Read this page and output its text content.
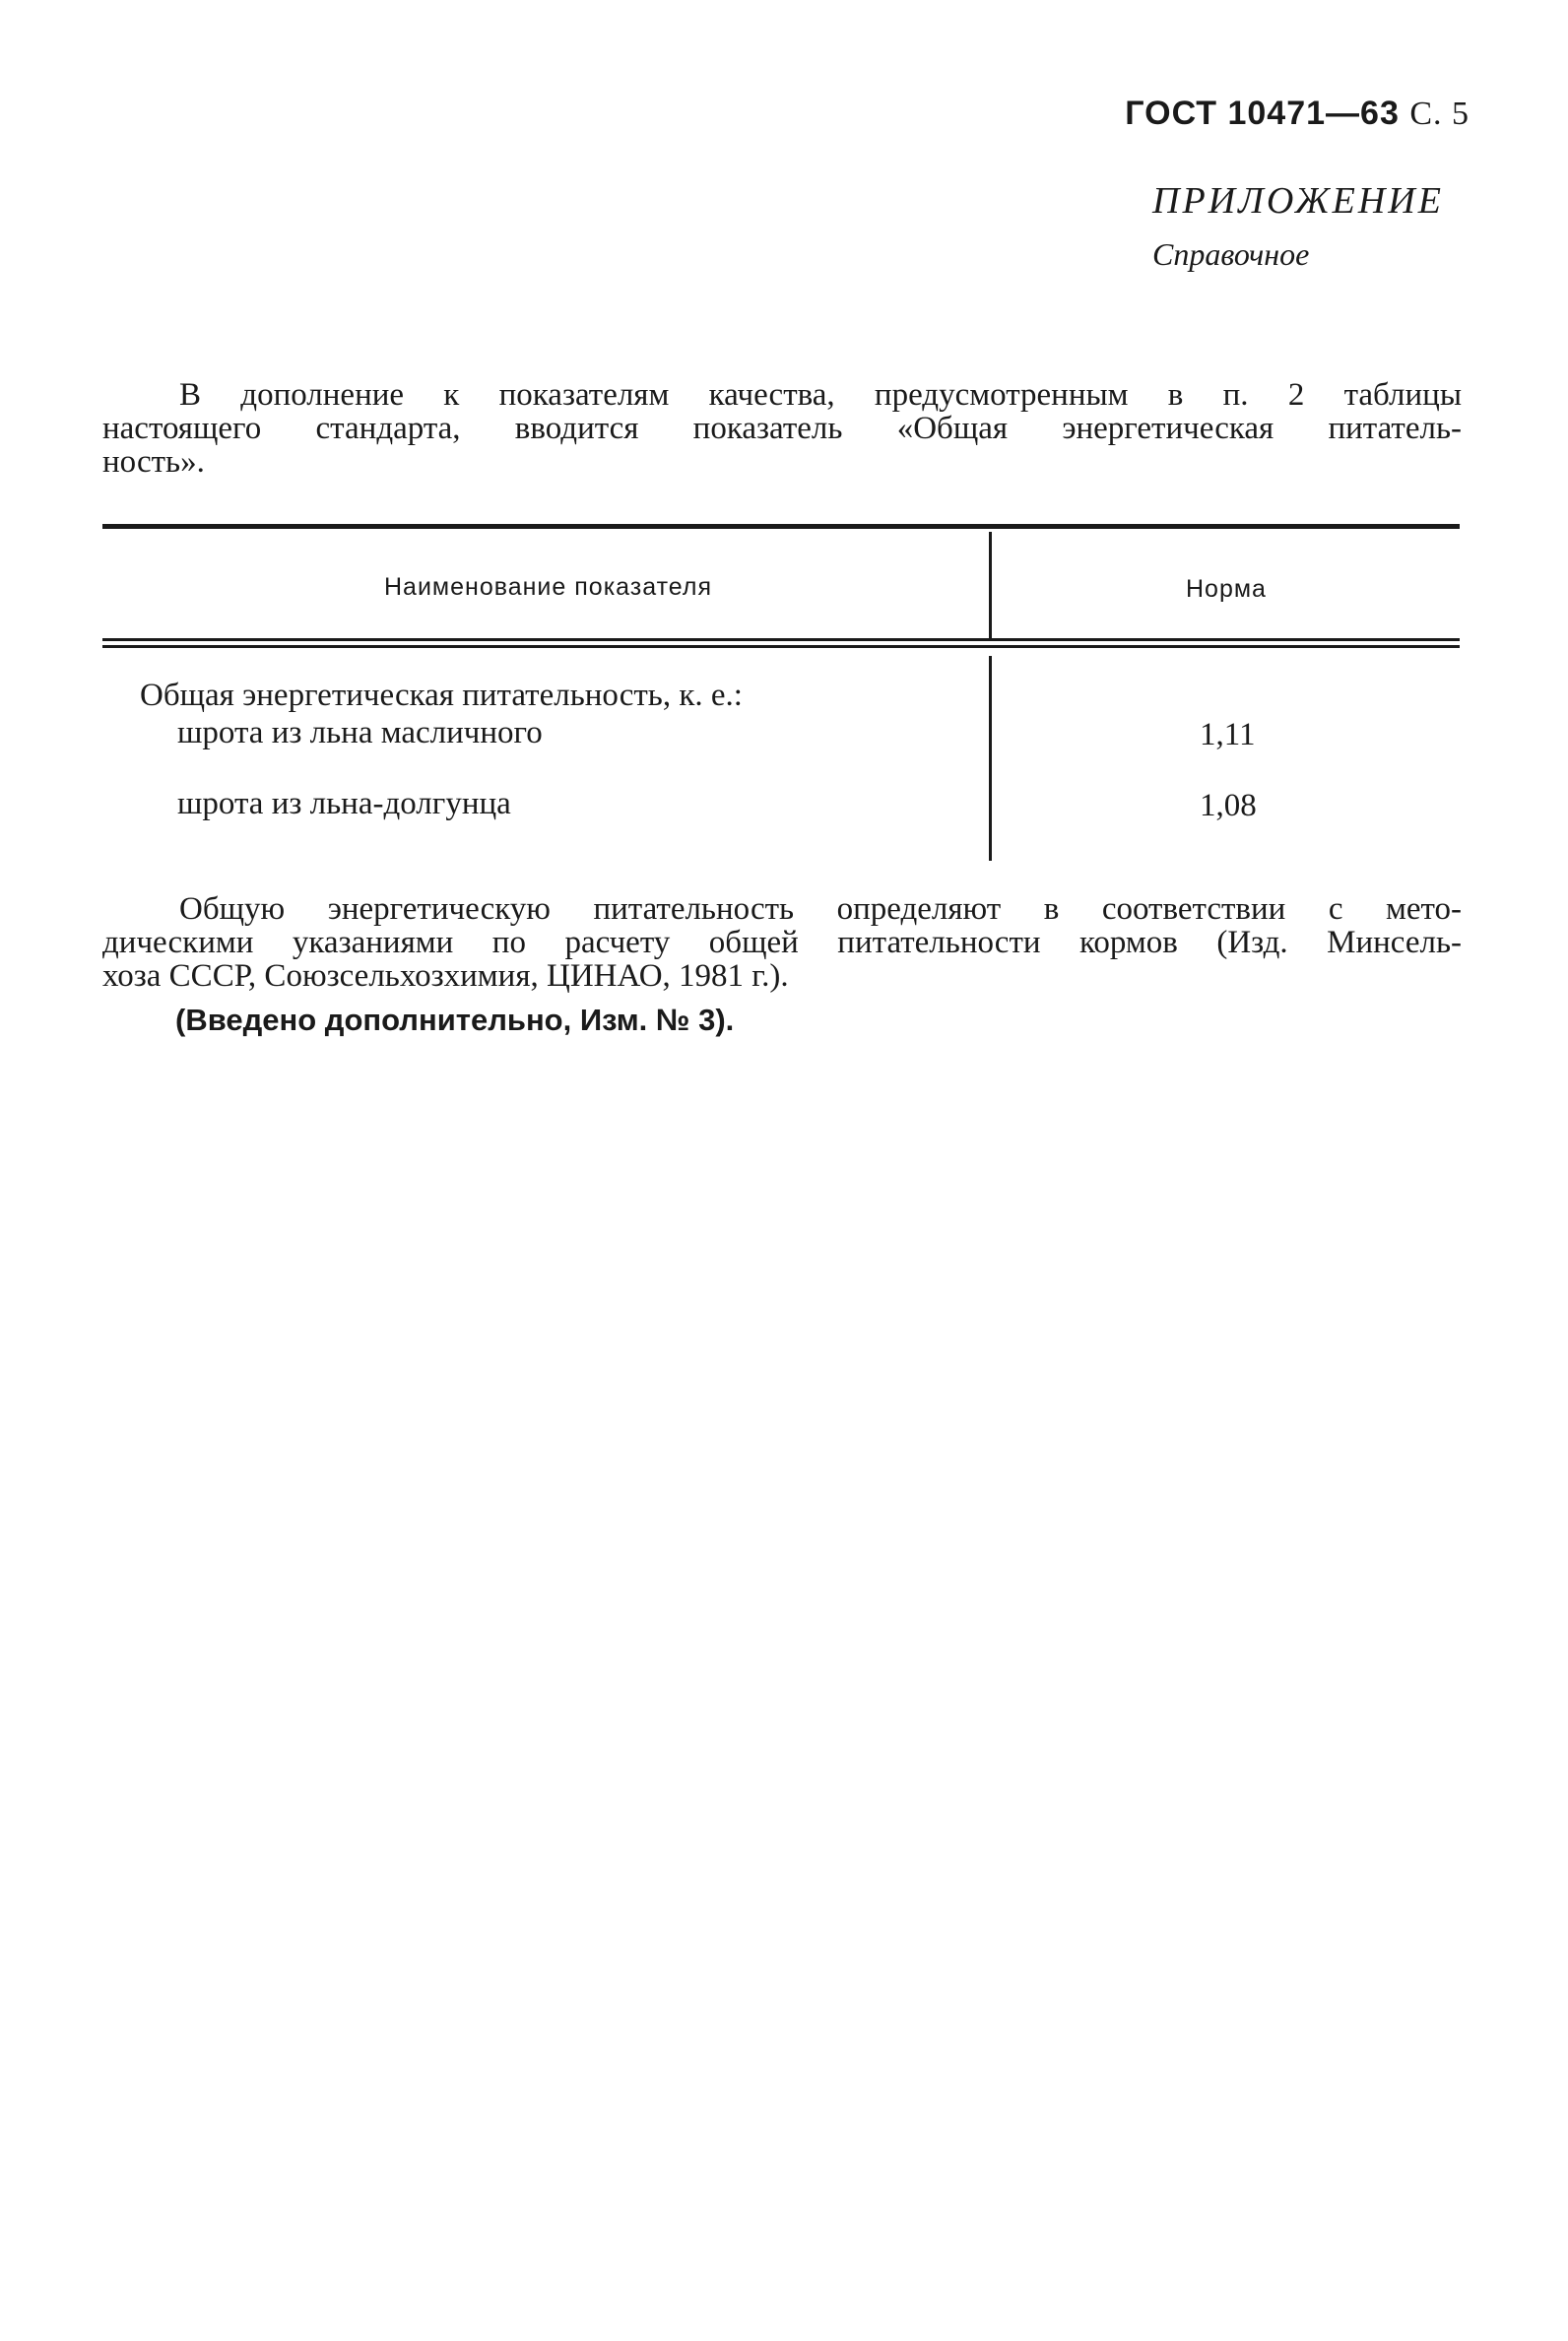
ГОСТ 10471—63 С. 5
ПРИЛОЖЕНИЕ
Справочное
В дополнение к показателям качества, предусмотренным в п. 2 таблицы
настоящего стандарта, вводится показатель «Общая энергетическая питатель-
ность».
Наименование показателя	Норма
Общая энергетическая питательность, к. е.:
шрота из льна масличного	1,11
шрота из льна-долгунца	1,08
Общую энергетическую питательность определяют в соответствии с мето-
дическими указаниями по расчету общей питательности кормов (Изд. Минсель-
хоза СССР, Союзсельхозхимия, ЦИНАО, 1981 г.).
(Введено дополнительно, Изм. № 3).
